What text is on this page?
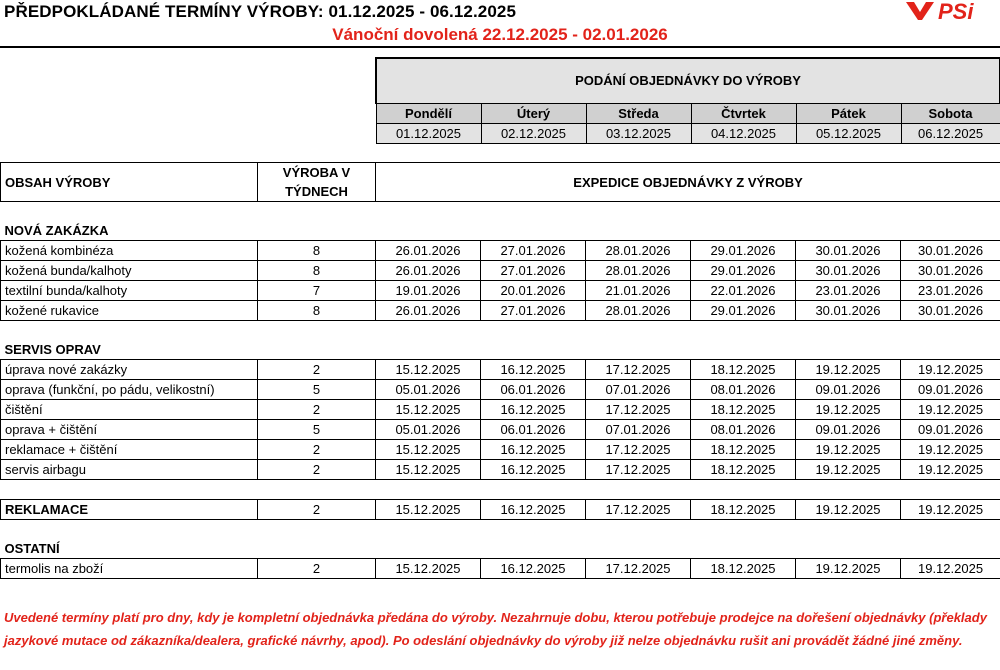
PŘEDPOKLÁDANÉ TERMÍNY VÝROBY: 01.12.2025 - 06.12.2025
Vánoční dovolená 22.12.2025 - 02.01.2026
PSi
PODÁNÍ OBJEDNÁVKY DO VÝROBY					
Pondělí	Úterý	Středa	Čtvrtek	Pátek	Sobota
01.12.2025	02.12.2025	03.12.2025	04.12.2025	05.12.2025	06.12.2025
OBSAH VÝROBY	VÝROBA V TÝDNECH	EXPEDICE OBJEDNÁVKY Z VÝROBY					

NOVÁ ZAKÁZKA							
kožená kombinéza	8	26.01.2026	27.01.2026	28.01.2026	29.01.2026	30.01.2026	30.01.2026
kožená bunda/kalhoty	8	26.01.2026	27.01.2026	28.01.2026	29.01.2026	30.01.2026	30.01.2026
textilní bunda/kalhoty	7	19.01.2026	20.01.2026	21.01.2026	22.01.2026	23.01.2026	23.01.2026
kožené rukavice	8	26.01.2026	27.01.2026	28.01.2026	29.01.2026	30.01.2026	30.01.2026

SERVIS OPRAV							
úprava nové zakázky	2	15.12.2025	16.12.2025	17.12.2025	18.12.2025	19.12.2025	19.12.2025
oprava (funkční, po pádu, velikostní)	5	05.01.2026	06.01.2026	07.01.2026	08.01.2026	09.01.2026	09.01.2026
čištění	2	15.12.2025	16.12.2025	17.12.2025	18.12.2025	19.12.2025	19.12.2025
oprava + čištění	5	05.01.2026	06.01.2026	07.01.2026	08.01.2026	09.01.2026	09.01.2026
reklamace + čištění	2	15.12.2025	16.12.2025	17.12.2025	18.12.2025	19.12.2025	19.12.2025
servis airbagu	2	15.12.2025	16.12.2025	17.12.2025	18.12.2025	19.12.2025	19.12.2025

REKLAMACE	2	15.12.2025	16.12.2025	17.12.2025	18.12.2025	19.12.2025	19.12.2025

OSTATNÍ							
termolis na zboží	2	15.12.2025	16.12.2025	17.12.2025	18.12.2025	19.12.2025	19.12.2025
Uvedené termíny platí pro dny, kdy je kompletní objednávka předána do výroby. Nezahrnuje dobu, kterou potřebuje prodejce na dořešení objednávky (překlady jazykové mutace od zákazníka/dealera, grafické návrhy, apod). Po odeslání objednávky do výroby již nelze objednávku rušit ani provádět žádné jiné změny.
